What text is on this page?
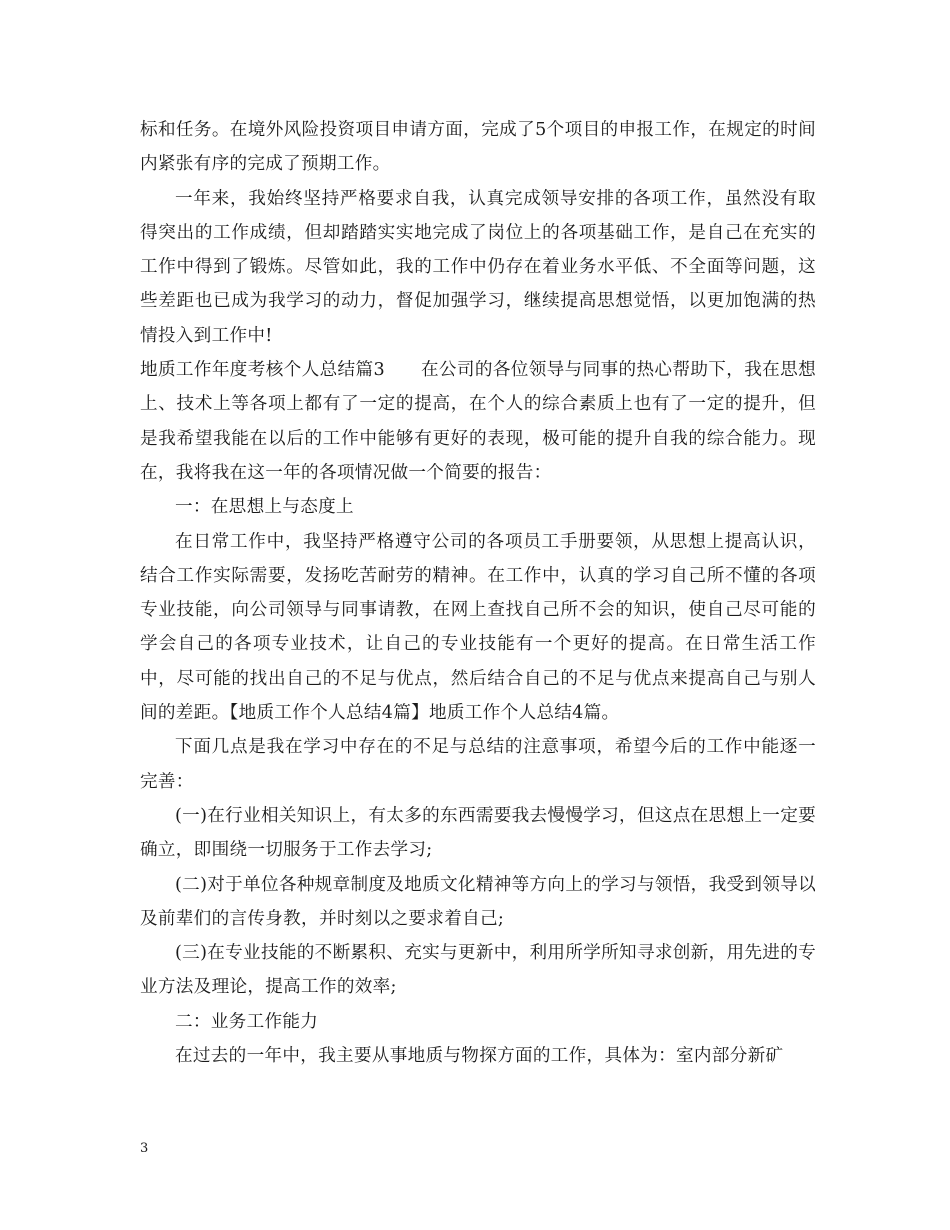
标和任务。在境外风险投资项目申请方面，完成了5个项目的申报工作，在规定的时间内紧张有序的完成了预期工作。

一年来，我始终坚持严格要求自我，认真完成领导安排的各项工作，虽然没有取得突出的工作成绩，但却踏踏实实地完成了岗位上的各项基础工作，是自己在充实的工作中得到了锻炼。尽管如此，我的工作中仍存在着业务水平低、不全面等问题，这些差距也已成为我学习的动力，督促加强学习，继续提高思想觉悟，以更加饱满的热情投入到工作中!

地质工作年度考核个人总结篇3　　在公司的各位领导与同事的热心帮助下，我在思想上、技术上等各项上都有了一定的提高，在个人的综合素质上也有了一定的提升，但是我希望我能在以后的工作中能够有更好的表现，极可能的提升自我的综合能力。现在，我将我在这一年的各项情况做一个简要的报告：

一：在思想上与态度上

在日常工作中，我坚持严格遵守公司的各项员工手册要领，从思想上提高认识，结合工作实际需要，发扬吃苦耐劳的精神。在工作中，认真的学习自己所不懂的各项专业技能，向公司领导与同事请教，在网上查找自己所不会的知识，使自己尽可能的学会自己的各项专业技术，让自己的专业技能有一个更好的提高。在日常生活工作中，尽可能的找出自己的不足与优点，然后结合自己的不足与优点来提高自己与别人间的差距。【地质工作个人总结4篇】地质工作个人总结4篇。

下面几点是我在学习中存在的不足与总结的注意事项，希望今后的工作中能逐一完善：

(一)在行业相关知识上，有太多的东西需要我去慢慢学习，但这点在思想上一定要确立，即围绕一切服务于工作去学习;

(二)对于单位各种规章制度及地质文化精神等方向上的学习与领悟，我受到领导以及前辈们的言传身教，并时刻以之要求着自己;

(三)在专业技能的不断累积、充实与更新中，利用所学所知寻求创新，用先进的专业方法及理论，提高工作的效率;

二：业务工作能力

在过去的一年中，我主要从事地质与物探方面的工作，具体为：室内部分新矿

3
